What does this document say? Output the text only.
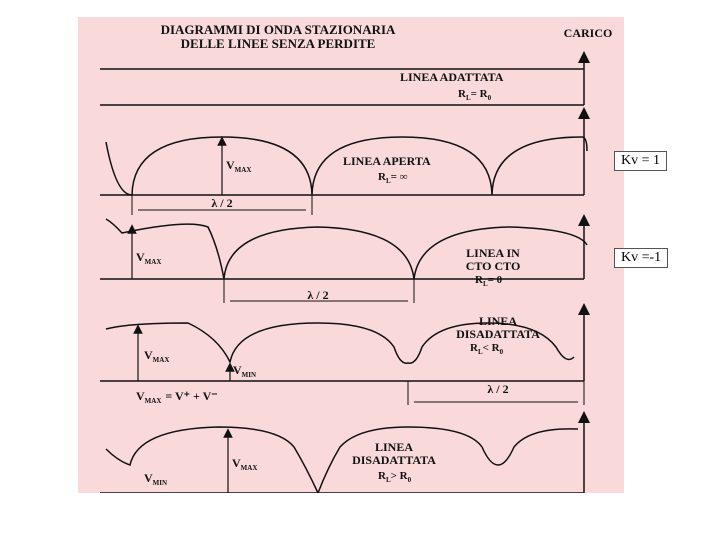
DIAGRAMMI DI ONDA STAZIONARIA
DELLE LINEE SENZA PERDITE
CARICO
LINEA ADATTATA
$R_L= R_0$
$V_{MAX}$
LINEA APERTA
$R_L=$ ∞
λ / 2
$V_{MAX}$
LINEA IN
CTO CTO
$R_L= 0$
λ / 2
$V_{MAX}$
$V_{MIN}$
LINEA
DISADATTATA
$R_L< R_0$
λ / 2
$V_{MAX} = V^+ + V^-$
$V_{MAX}$
$V_{MIN}$
LINEA
DISADATTATA
$R_L> R_0$
Kv = 1
Kv =-1
